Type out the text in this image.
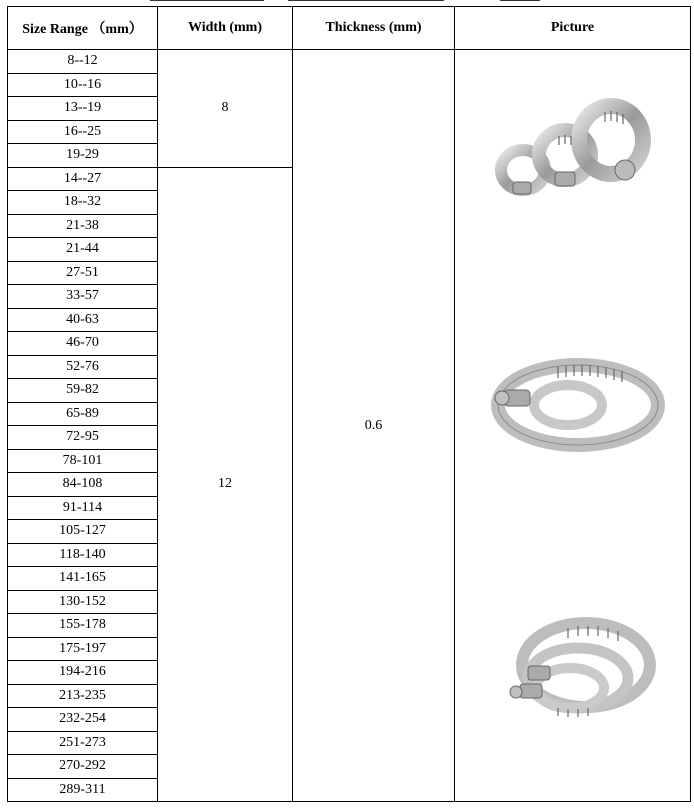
Size Range （mm）	Width (mm)	Thickness (mm)	Picture
8--12	8	0.6	

10--16			
13--19			
16--25			
19-29			
14--27	12		
18--32			
21-38			
21-44			
27-51			
33-57			
40-63			
46-70			
52-76			
59-82			
65-89			
72-95			
78-101			
84-108			
91-114			
105-127			
118-140			
141-165			
130-152			
155-178			
175-197			
194-216			
213-235			
232-254			
251-273			
270-292			
289-311			
